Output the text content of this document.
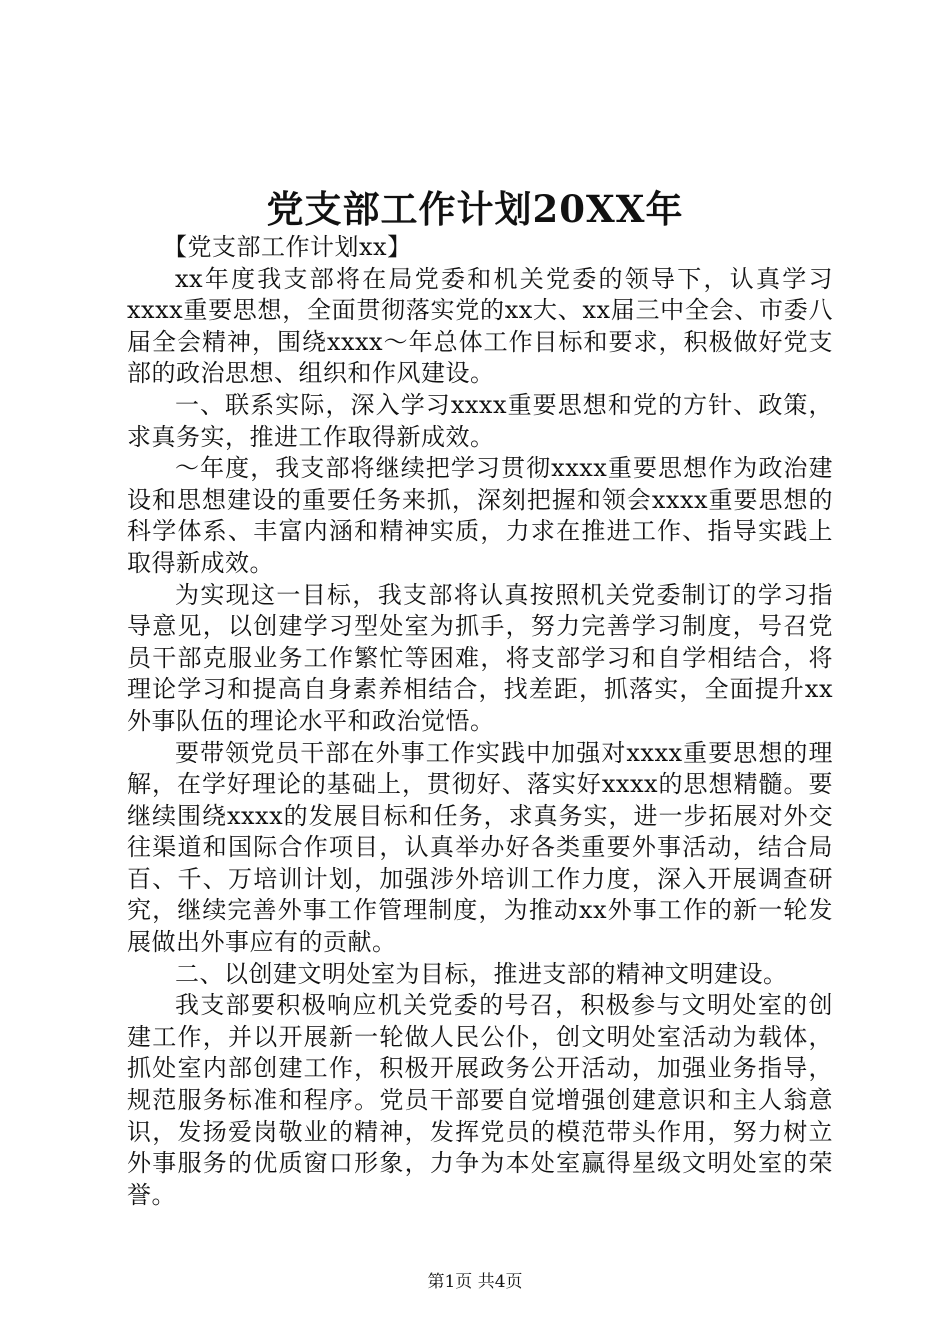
党支部工作计划20XX年

【党支部工作计划xx】

xx年度我支部将在局党委和机关党委的领导下，认真学习xxxx重要思想，全面贯彻落实党的xx大、xx届三中全会、市委八届全会精神，围绕xxxx～年总体工作目标和要求，积极做好党支部的政治思想、组织和作风建设。

一、联系实际，深入学习xxxx重要思想和党的方针、政策，求真务实，推进工作取得新成效。

～年度，我支部将继续把学习贯彻xxxx重要思想作为政治建设和思想建设的重要任务来抓，深刻把握和领会xxxx重要思想的科学体系、丰富内涵和精神实质，力求在推进工作、指导实践上取得新成效。

为实现这一目标，我支部将认真按照机关党委制订的学习指导意见，以创建学习型处室为抓手，努力完善学习制度，号召党员干部克服业务工作繁忙等困难，将支部学习和自学相结合，将理论学习和提高自身素养相结合，找差距，抓落实，全面提升xx外事队伍的理论水平和政治觉悟。

要带领党员干部在外事工作实践中加强对xxxx重要思想的理解，在学好理论的基础上，贯彻好、落实好xxxx的思想精髓。要继续围绕xxxx的发展目标和任务，求真务实，进一步拓展对外交往渠道和国际合作项目，认真举办好各类重要外事活动，结合局百、千、万培训计划，加强涉外培训工作力度，深入开展调查研究，继续完善外事工作管理制度，为推动xx外事工作的新一轮发展做出外事应有的贡献。

二、以创建文明处室为目标，推进支部的精神文明建设。

我支部要积极响应机关党委的号召，积极参与文明处室的创建工作，并以开展新一轮做人民公仆，创文明处室活动为载体，抓处室内部创建工作，积极开展政务公开活动，加强业务指导，规范服务标准和程序。党员干部要自觉增强创建意识和主人翁意识，发扬爱岗敬业的精神，发挥党员的模范带头作用，努力树立外事服务的优质窗口形象，力争为本处室赢得星级文明处室的荣誉。

第1页 共4页
